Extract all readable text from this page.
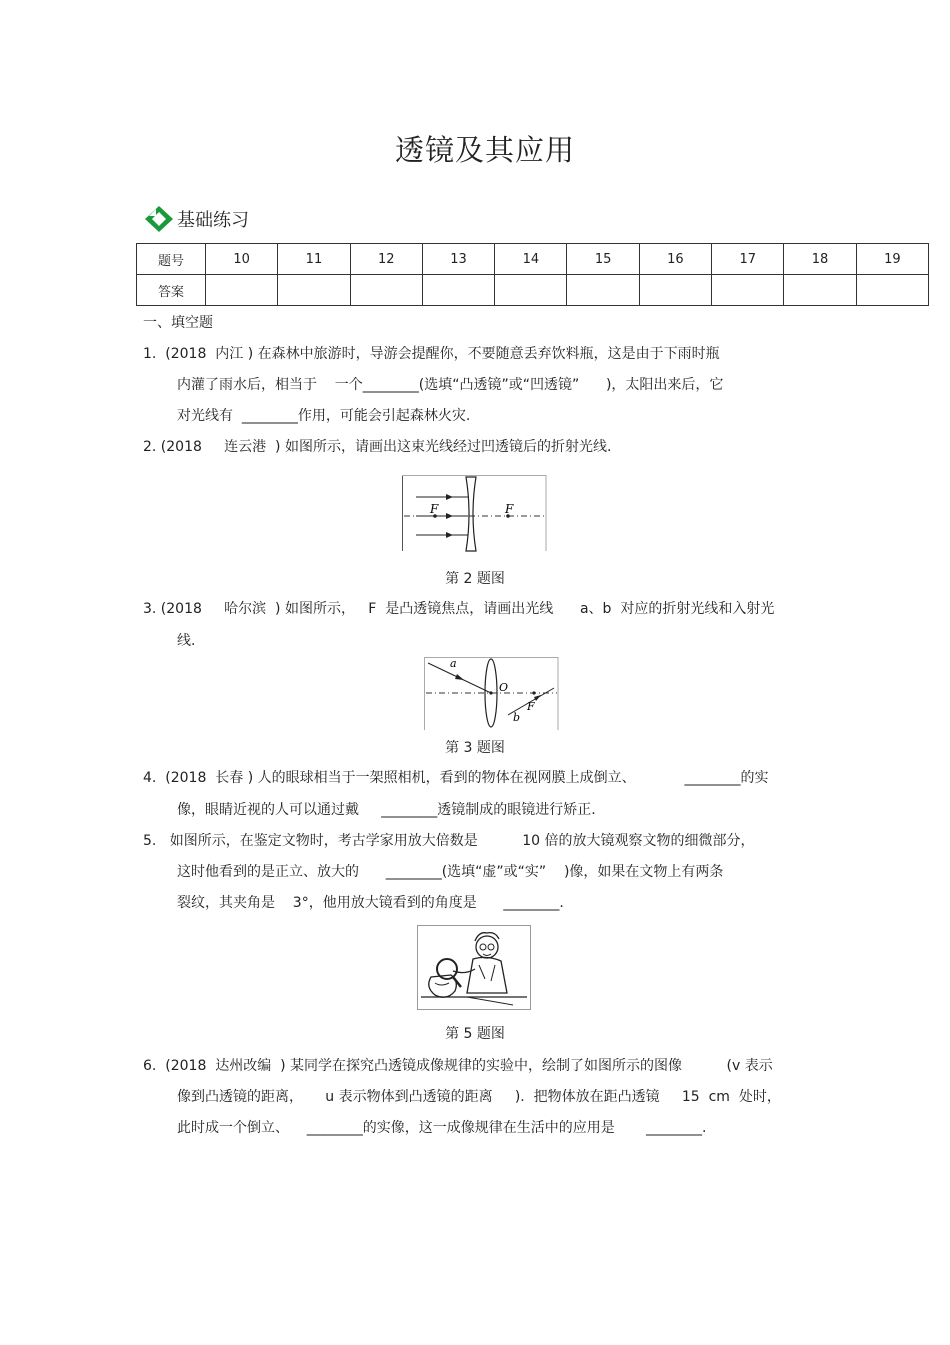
透镜及其应用
基础练习
题号	10	11	12	13	14	15	16	17	18	19
答案										
一、填空题
1.  (2018  内江 ) 在森林中旅游时，导游会提醒你，不要随意丢弃饮料瓶，这是由于下雨时瓶
内灌了雨水后，相当于    一个________(选填“凸透镜”或“凹透镜”      )，太阳出来后，它
对光线有  ________作用，可能会引起森林火灾.
2. (2018     连云港  ) 如图所示，请画出这束光线经过凹透镜后的折射光线.
F	F
第 2 题图
3. (2018     哈尔滨  ) 如图所示，   F  是凸透镜焦点，请画出光线      a、b  对应的折射光线和入射光
线.
a
O
b
F
第 3 题图
4.  (2018  长春 ) 人的眼球相当于一架照相机，看到的物体在视网膜上成倒立、           ________的实
像，眼睛近视的人可以通过戴     ________透镜制成的眼镜进行矫正.
5.   如图所示，在鉴定文物时，考古学家用放大倍数是          10 倍的放大镜观察文物的细微部分，
这时他看到的是正立、放大的      ________(选填“虚”或“实”    )像，如果在文物上有两条
裂纹，其夹角是    3°，他用放大镜看到的角度是      ________.
第 5 题图
6.  (2018  达州改编  ) 某同学在探究凸透镜成像规律的实验中，绘制了如图所示的图像          (v 表示
像到凸透镜的距离，     u 表示物体到凸透镜的距离     ).  把物体放在距凸透镜     15  cm  处时，
此时成一个倒立、    ________的实像，这一成像规律在生活中的应用是       ________.
